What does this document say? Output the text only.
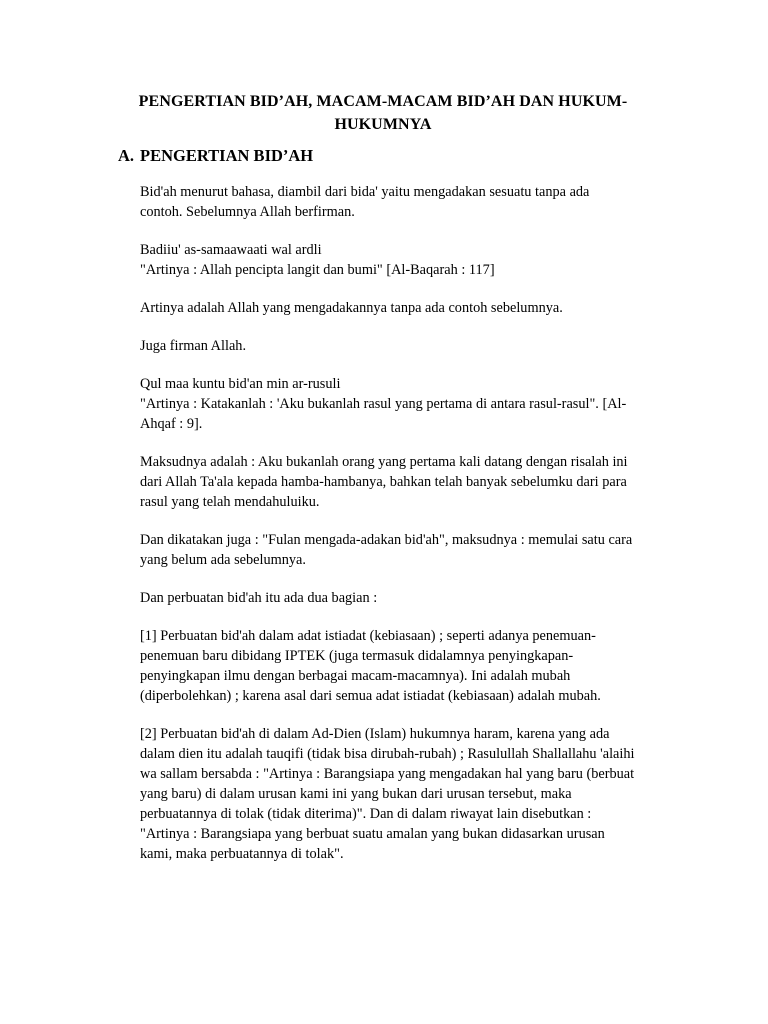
PENGERTIAN BID’AH, MACAM-MACAM BID’AH DAN HUKUM-
HUKUMNYA
A. PENGERTIAN BID’AH

Bid'ah menurut bahasa, diambil dari bida' yaitu mengadakan sesuatu tanpa ada
contoh. Sebelumnya Allah berfirman.

Badiiu' as-samaawaati wal ardli
"Artinya : Allah pencipta langit dan bumi" [Al-Baqarah : 117]

Artinya adalah Allah yang mengadakannya tanpa ada contoh sebelumnya.

Juga firman Allah.

Qul maa kuntu bid'an min ar-rusuli
"Artinya : Katakanlah : 'Aku bukanlah rasul yang pertama di antara rasul-rasul". [Al-
Ahqaf : 9].

Maksudnya adalah : Aku bukanlah orang yang pertama kali datang dengan risalah ini
dari Allah Ta'ala kepada hamba-hambanya, bahkan telah banyak sebelumku dari para
rasul yang telah mendahuluiku.

Dan dikatakan juga : "Fulan mengada-adakan bid'ah", maksudnya : memulai satu cara
yang belum ada sebelumnya.

Dan perbuatan bid'ah itu ada dua bagian :

[1] Perbuatan bid'ah dalam adat istiadat (kebiasaan) ; seperti adanya penemuan-
penemuan baru dibidang IPTEK (juga termasuk didalamnya penyingkapan-
penyingkapan ilmu dengan berbagai macam-macamnya). Ini adalah mubah
(diperbolehkan) ; karena asal dari semua adat istiadat (kebiasaan) adalah mubah.

[2] Perbuatan bid'ah di dalam Ad-Dien (Islam) hukumnya haram, karena yang ada
dalam dien itu adalah tauqifi (tidak bisa dirubah-rubah) ; Rasulullah Shallallahu 'alaihi
wa sallam bersabda : "Artinya : Barangsiapa yang mengadakan hal yang baru (berbuat
yang baru) di dalam urusan kami ini yang bukan dari urusan tersebut, maka
perbuatannya di tolak (tidak diterima)". Dan di dalam riwayat lain disebutkan :
"Artinya : Barangsiapa yang berbuat suatu amalan yang bukan didasarkan urusan
kami, maka perbuatannya di tolak".
